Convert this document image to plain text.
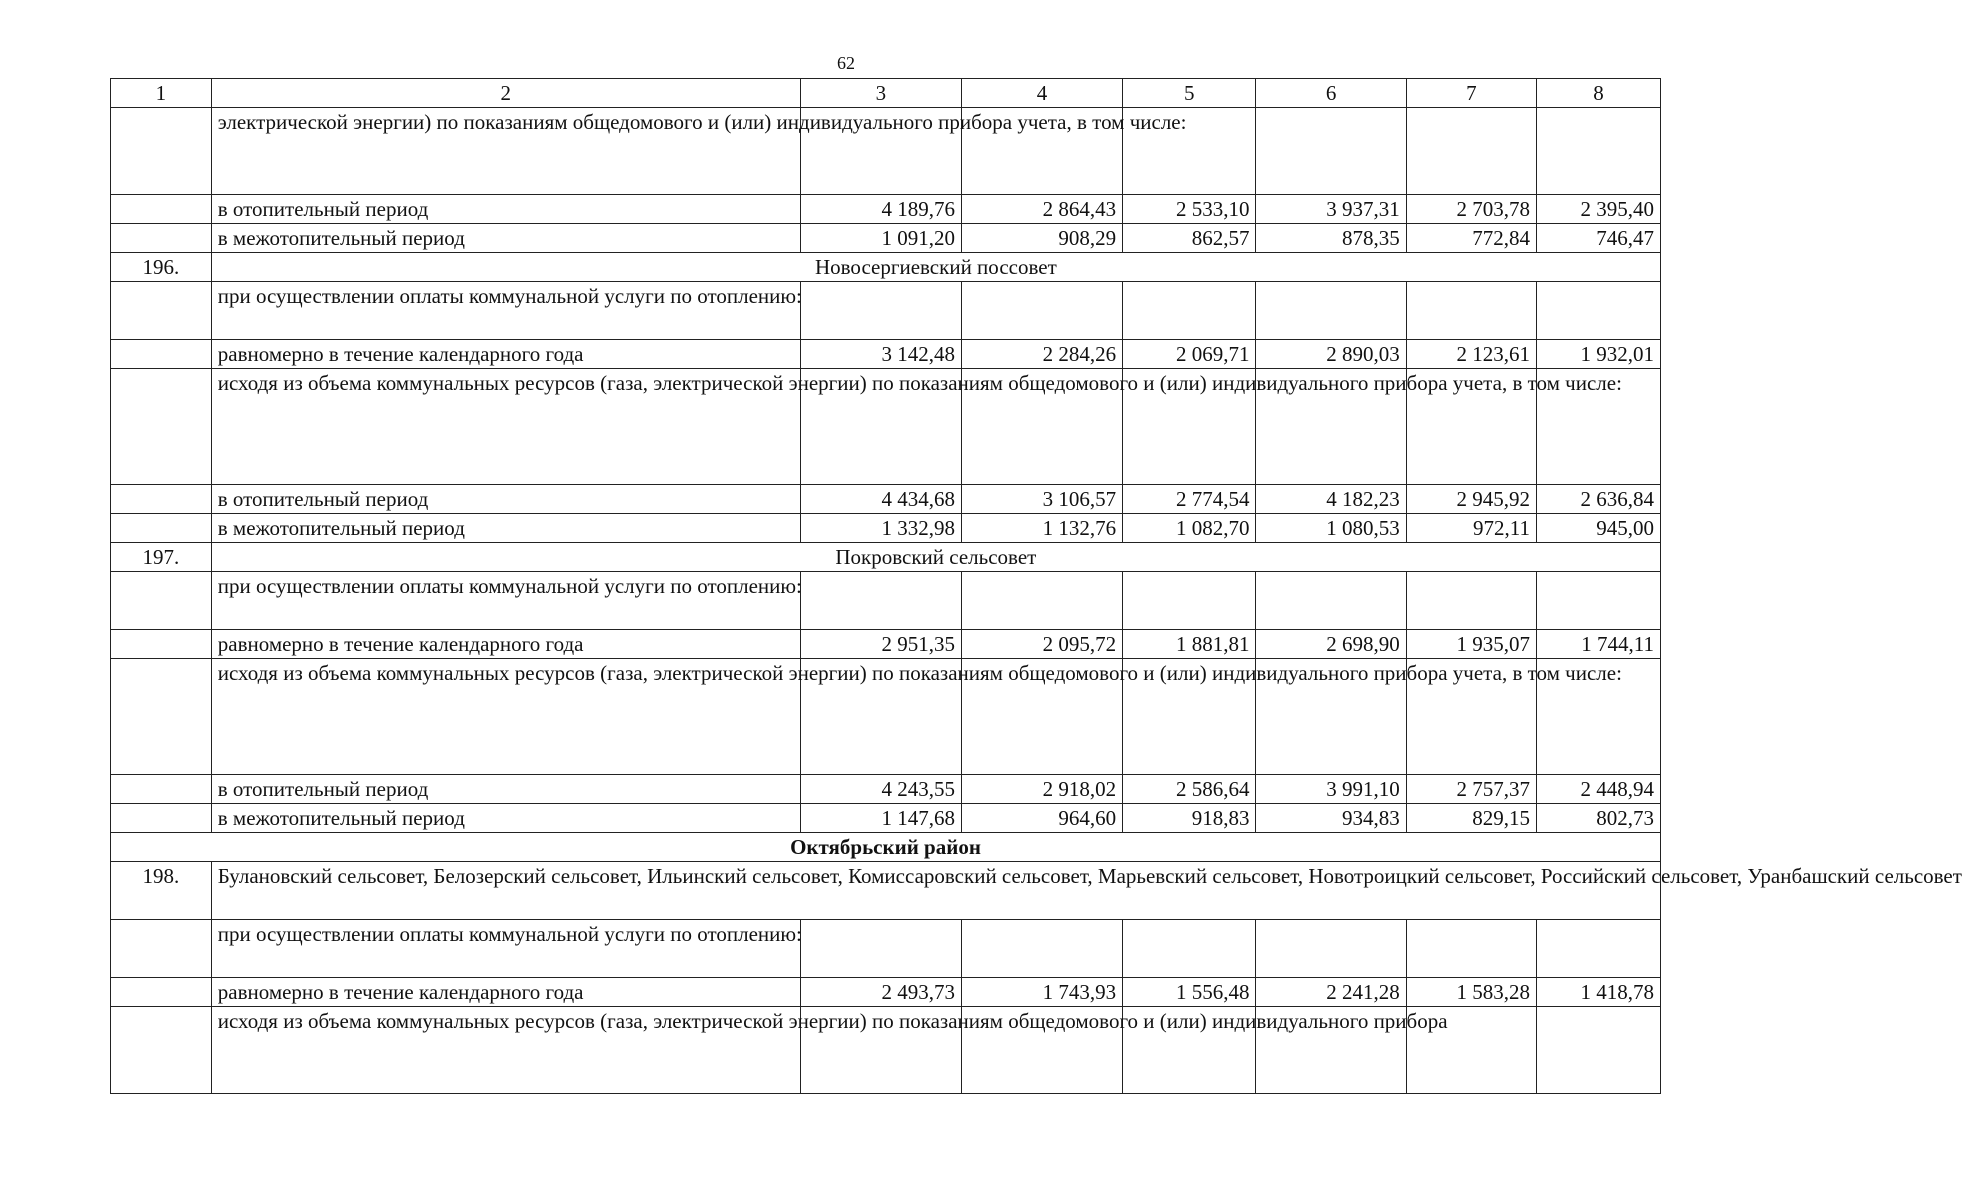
62
1	2	3	4	5	6	7	8
	электрической энергии) по показаниям общедомового и (или) индивидуального прибора учета, в том числе:						
	в отопительный период	4 189,76	2 864,43	2 533,10	3 937,31	2 703,78	2 395,40
	в межотопительный период	1 091,20	908,29	862,57	878,35	772,84	746,47
196.	Новосергиевский поссовет						
	при осуществлении оплаты коммунальной услуги по отоплению:						
	равномерно в течение календарного года	3 142,48	2 284,26	2 069,71	2 890,03	2 123,61	1 932,01
	исходя из объема коммунальных ресурсов (газа, электрической энергии) по показаниям общедомового и (или) индивидуального прибора учета, в том числе:						
	в отопительный период	4 434,68	3 106,57	2 774,54	4 182,23	2 945,92	2 636,84
	в межотопительный период	1 332,98	1 132,76	1 082,70	1 080,53	972,11	945,00
197.	Покровский сельсовет						
	при осуществлении оплаты коммунальной услуги по отоплению:						
	равномерно в течение календарного года	2 951,35	2 095,72	1 881,81	2 698,90	1 935,07	1 744,11
	исходя из объема коммунальных ресурсов (газа, электрической энергии) по показаниям общедомового и (или) индивидуального прибора учета, в том числе:						
	в отопительный период	4 243,55	2 918,02	2 586,64	3 991,10	2 757,37	2 448,94
	в межотопительный период	1 147,68	964,60	918,83	934,83	829,15	802,73
Октябрьский район							
198.	Булановский сельсовет, Белозерский сельсовет, Ильинский сельсовет, Комиссаровский сельсовет, Марьевский сельсовет, Новотроицкий сельсовет, Российский сельсовет, Уранбашский сельсовет						
	при осуществлении оплаты коммунальной услуги по отоплению:						
	равномерно в течение календарного года	2 493,73	1 743,93	1 556,48	2 241,28	1 583,28	1 418,78
	исходя из объема коммунальных ресурсов (газа, электрической энергии) по показаниям общедомового и (или) индивидуального прибора						
